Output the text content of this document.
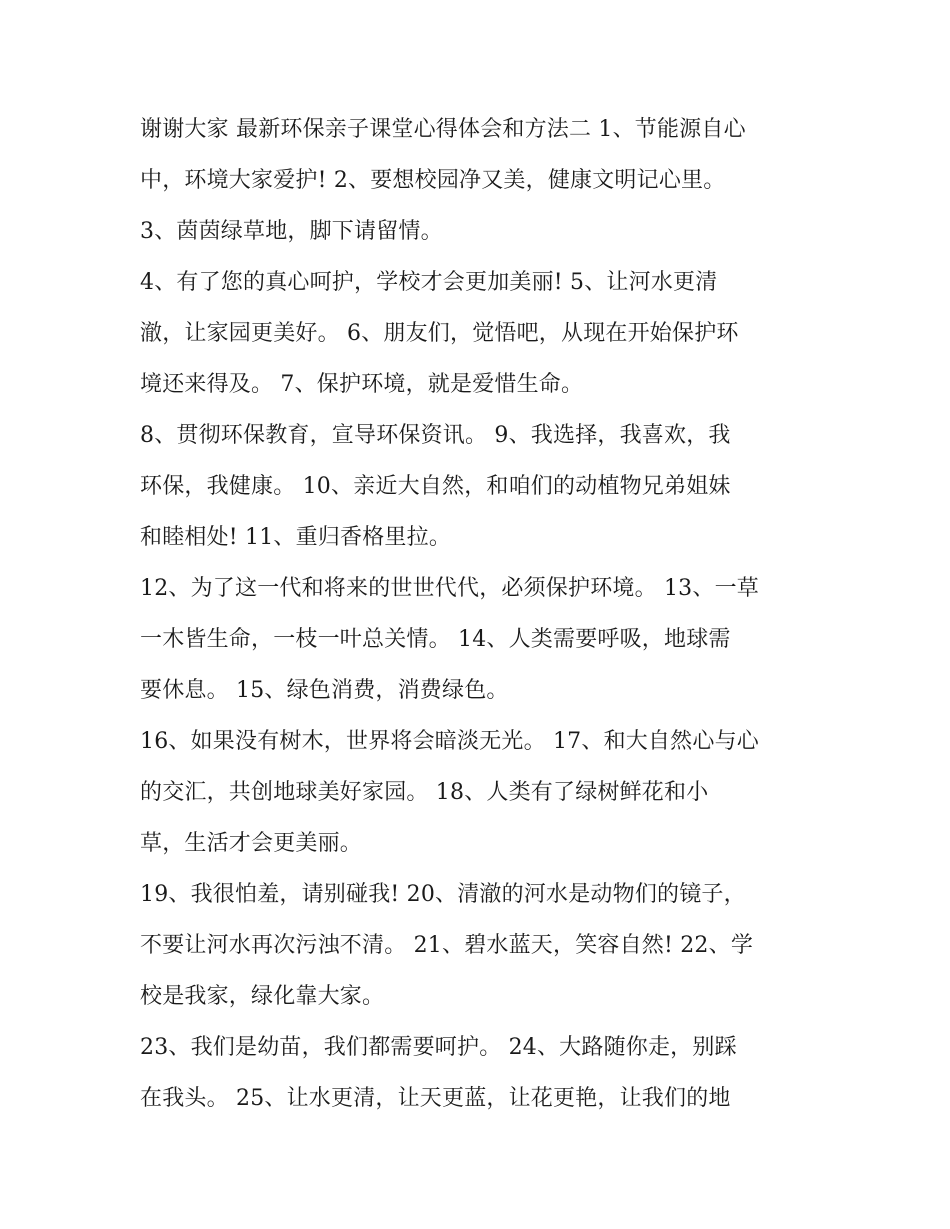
谢谢大家 最新环保亲子课堂心得体会和方法二 1、节能源自心
中，环境大家爱护! 2、要想校园净又美，健康文明记心里。
3、茵茵绿草地，脚下请留情。
4、有了您的真心呵护，学校才会更加美丽! 5、让河水更清
澈，让家园更美好。 6、朋友们，觉悟吧，从现在开始保护环
境还来得及。 7、保护环境，就是爱惜生命。
8、贯彻环保教育，宣导环保资讯。 9、我选择，我喜欢，我
环保，我健康。 10、亲近大自然，和咱们的动植物兄弟姐妹
和睦相处! 11、重归香格里拉。
12、为了这一代和将来的世世代代，必须保护环境。 13、一草
一木皆生命，一枝一叶总关情。 14、人类需要呼吸，地球需
要休息。 15、绿色消费，消费绿色。
16、如果没有树木，世界将会暗淡无光。 17、和大自然心与心
的交汇，共创地球美好家园。 18、人类有了绿树鲜花和小
草，生活才会更美丽。
19、我很怕羞，请别碰我! 20、清澈的河水是动物们的镜子，
不要让河水再次污浊不清。 21、碧水蓝天，笑容自然! 22、学
校是我家，绿化靠大家。
23、我们是幼苗，我们都需要呵护。 24、大路随你走，别踩
在我头。 25、让水更清，让天更蓝，让花更艳，让我们的地
